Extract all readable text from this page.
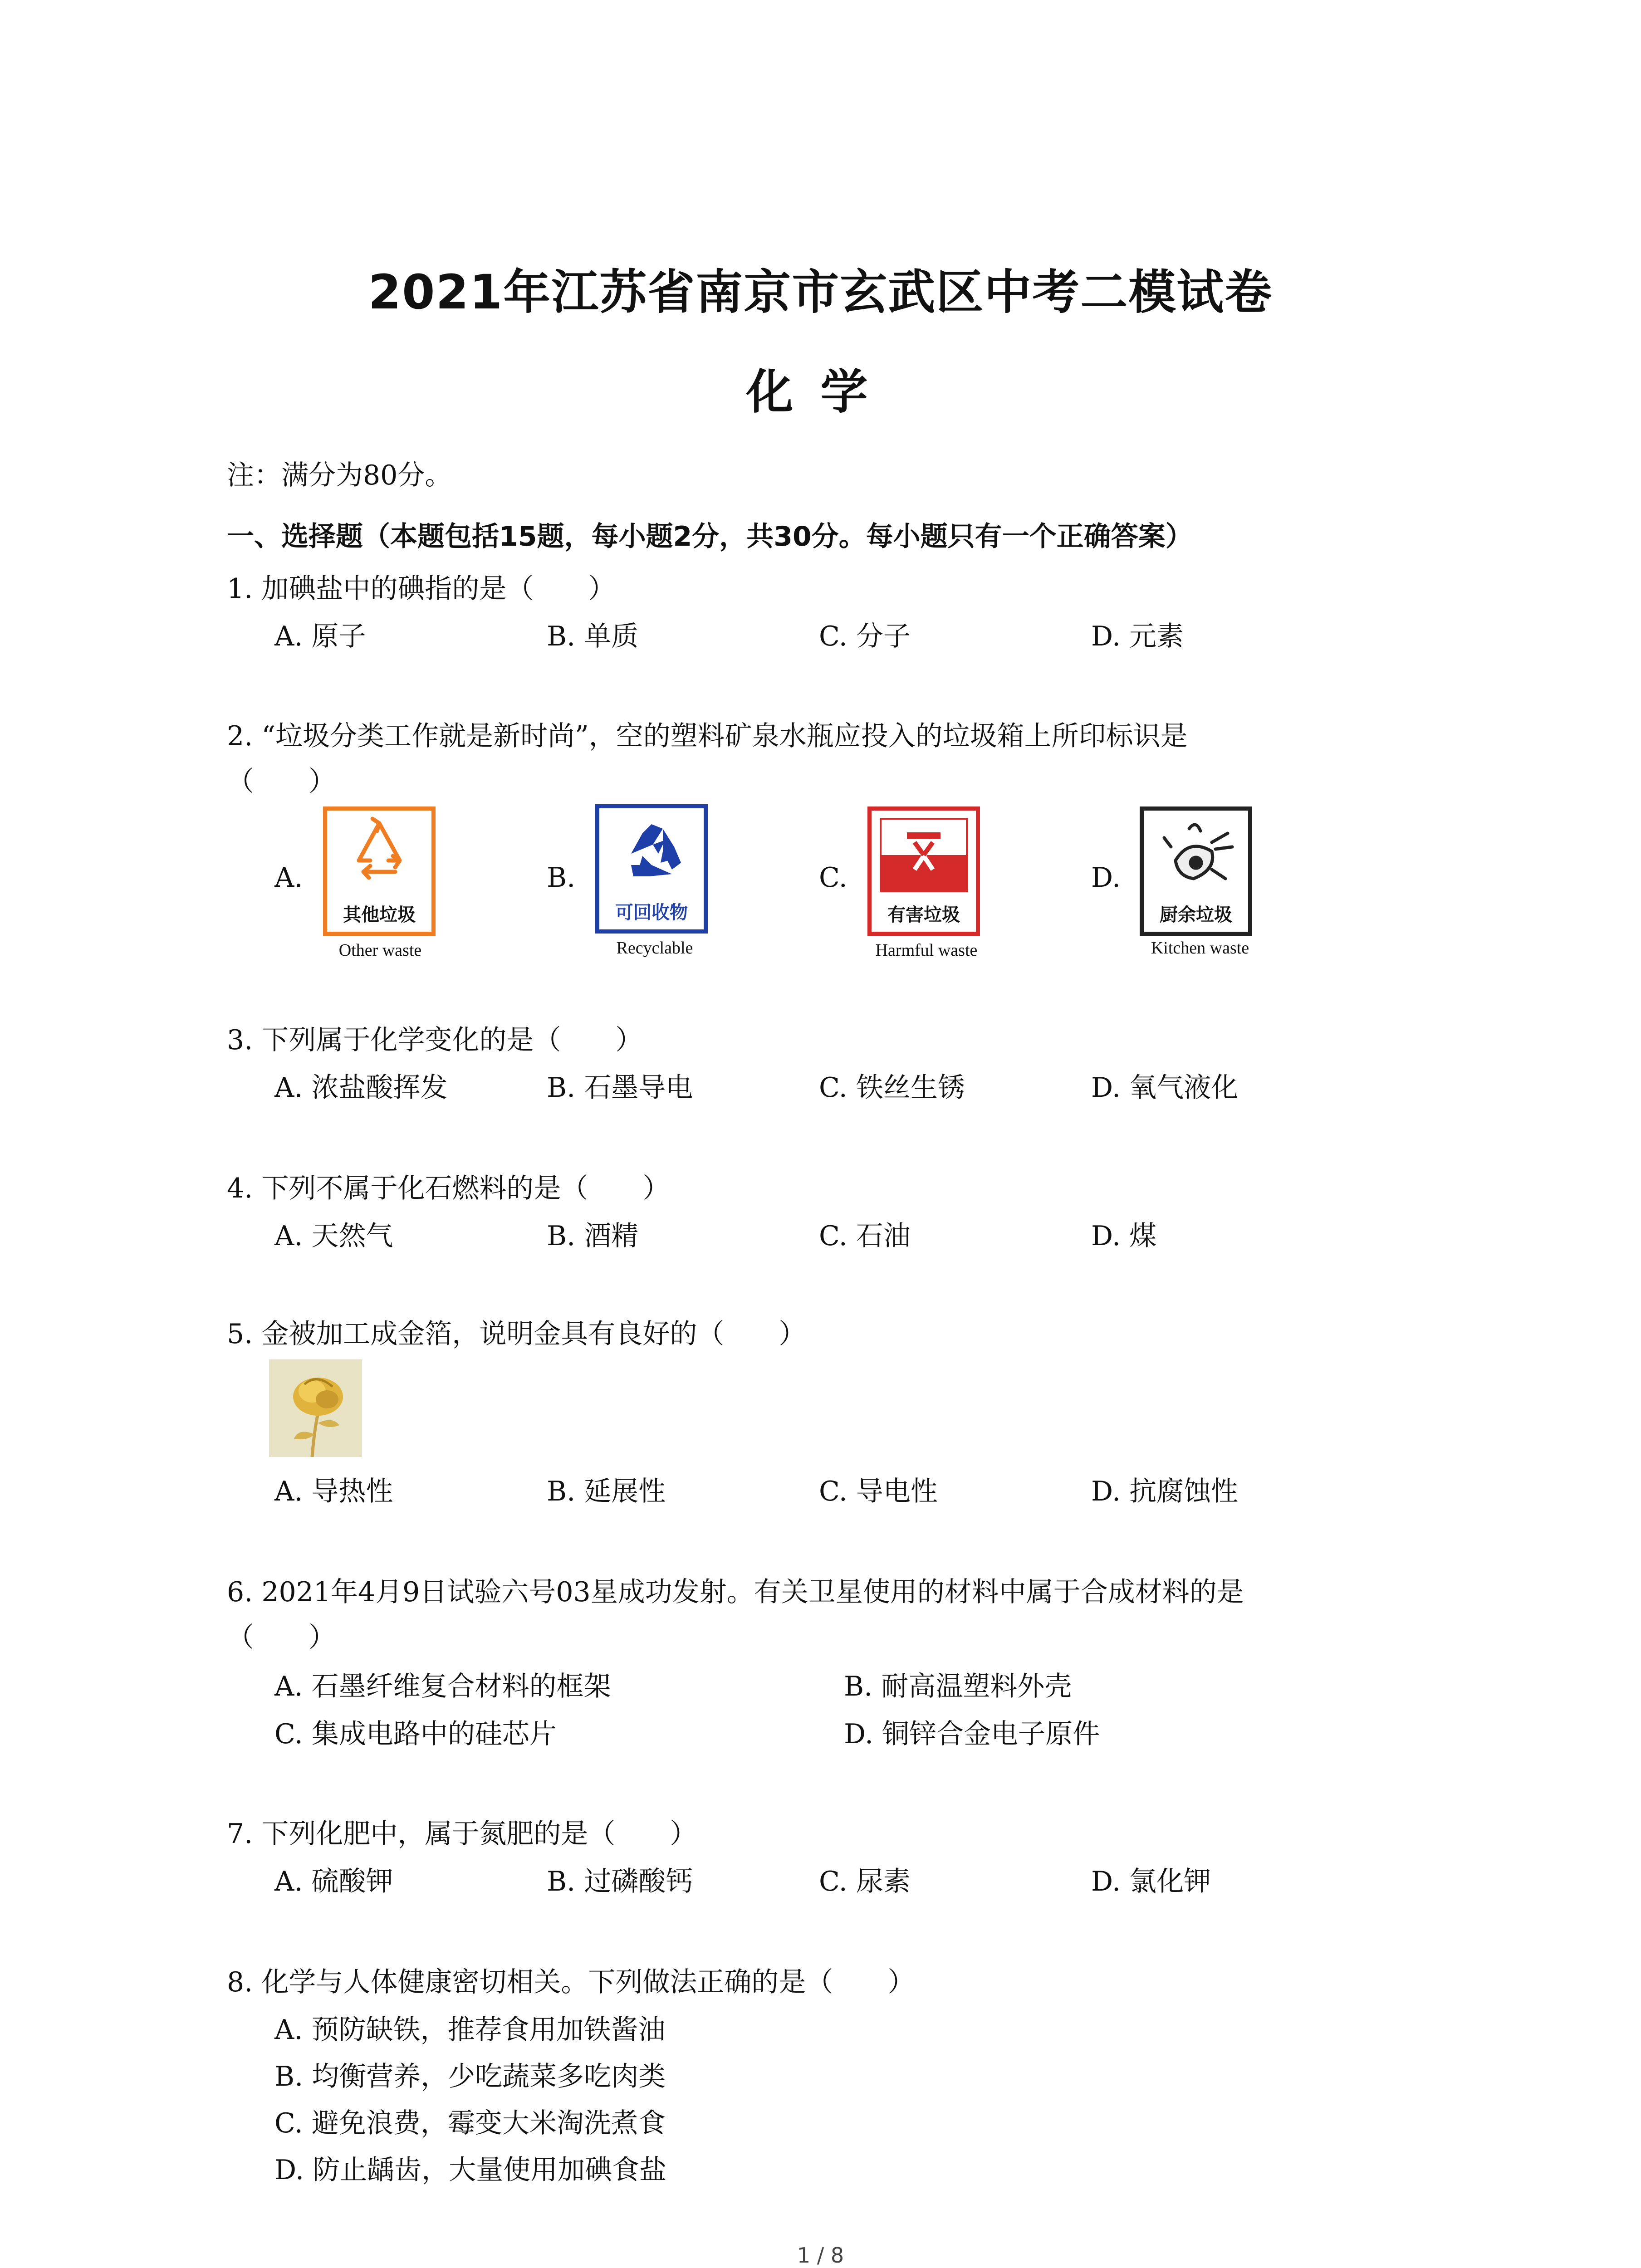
2021年江苏省南京市玄武区中考二模试卷
化学
注：满分为80分。
一、选择题（本题包括15题，每小题2分，共30分。每小题只有一个正确答案）
1. 加碘盐中的碘指的是（　　）
A. 原子	B. 单质	C. 分子	D. 元素
2. “垃圾分类工作就是新时尚”，空的塑料矿泉水瓶应投入的垃圾箱上所印标识是
（　　）
A.	B.	C.	D.
其他垃圾
Other waste
可回收物
Recyclable
有害垃圾
Harmful waste
厨余垃圾
Kitchen waste
3. 下列属于化学变化的是（　　）
A. 浓盐酸挥发	B. 石墨导电	C. 铁丝生锈	D. 氧气液化
4. 下列不属于化石燃料的是（　　）
A. 天然气	B. 酒精	C. 石油	D. 煤
5. 金被加工成金箔，说明金具有良好的（　　）
A. 导热性	B. 延展性	C. 导电性	D. 抗腐蚀性
6. 2021年4月9日试验六号03星成功发射。有关卫星使用的材料中属于合成材料的是
（　　）
A. 石墨纤维复合材料的框架	B. 耐高温塑料外壳
C. 集成电路中的硅芯片	D. 铜锌合金电子原件
7. 下列化肥中，属于氮肥的是（　　）
A. 硫酸钾	B. 过磷酸钙	C. 尿素	D. 氯化钾
8. 化学与人体健康密切相关。下列做法正确的是（　　）
A. 预防缺铁，推荐食用加铁酱油
B. 均衡营养，少吃蔬菜多吃肉类
C. 避免浪费，霉变大米淘洗煮食
D. 防止龋齿，大量使用加碘食盐
1 / 8
